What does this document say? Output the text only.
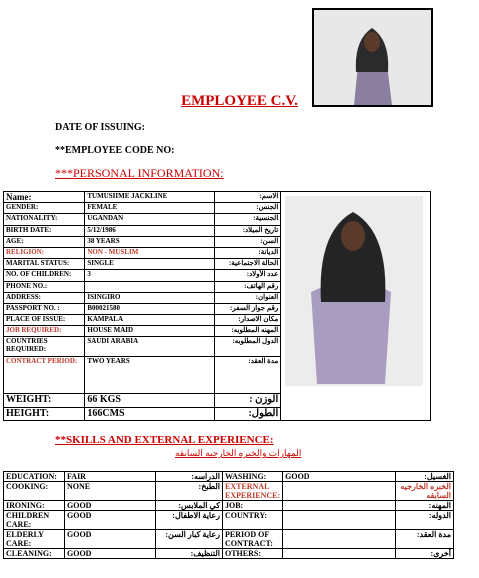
EMPLOYEE C.V.
DATE OF ISSUING:
**EMPLOYEE CODE NO:
***PERSONAL INFORMATION:
Name:	TUMUSIIME JACKLINE	الاسم:	
GENDER:	FEMALE	الجنس:	
NATIONALITY:	UGANDAN	الجنسية:	
BIRTH DATE:	5/12/1986	تاريخ الميلاد:	
AGE:	38 YEARS	السن:	
RELIGION:	NON - MUSLIM	الديانة:	
MARITAL STATUS:	SINGLE	الحالة الاجتماعية:	
NO. OF CHILDREN:	3	عدد الأولاد:	
PHONE NO.:		رقم الهاتف:	
ADDRESS:	ISINGIRO	العنوان:	
PASSPORT NO. :	B00021580	رقم جواز السفر:	
PLACE OF ISSUE:	KAMPALA	مكان الاصدار:	
JOB REQUIRED:	HOUSE MAID	المهنه المطلوبه:	
COUNTRIES REQUIRED:	SAUDI ARABIA	الدول المطلوبه:	
CONTRACT PERIOD:	TWO YEARS	مدة العقد:	
WEIGHT:	66 KGS	الوزن :	
HEIGHT:	166CMS	الطول:	
**SKILLS AND EXTERNAL EXPERIENCE:
المهارات والخبره الخارجيه السابقه
EDUCATION:	FAIR	الدراسه:	WASHING:	GOOD	الغسيل:
COOKING:	NONE	الطبخ:	EXTERNAL EXPERIENCE:		الخبره الخارجيه السابقه
IRONING:	GOOD	كي الملابس:	JOB:		المهنه:
CHILDREN CARE:	GOOD	رعاية الاطفال:	COUNTRY:		الدوله:
ELDERLY CARE:	GOOD	رعاية كبار السن:	PERIOD OF CONTRACT:		مدة العقد:
CLEANING:	GOOD	التنظيف:	OTHERS:		أخرى:
